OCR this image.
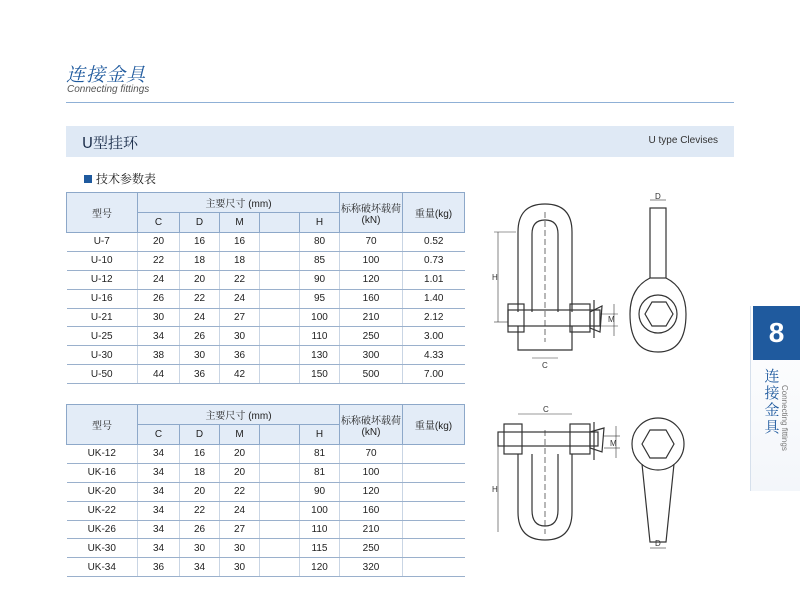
连接金具
Connecting fittings
U型挂环	U type Clevises
技术参数表
型号	主要尺寸 (mm)					标称破坏载荷(kN)	重量(kg)
	C	D	M		H		
U-7	20	16	16		80	70	0.52
U-10	22	18	18		85	100	0.73
U-12	24	20	22		90	120	1.01
U-16	26	22	24		95	160	1.40
U-21	30	24	27		100	210	2.12
U-25	34	26	30		110	250	3.00
U-30	38	30	36		130	300	4.33
U-50	44	36	42		150	500	7.00
型号	主要尺寸 (mm)					标称破坏载荷(kN)	重量(kg)
	C	D	M		H		
UK-12	34	16	20		81	70	
UK-16	34	18	20		81	100	
UK-20	34	20	22		90	120	
UK-22	34	22	24		100	160	
UK-26	34	26	27		110	210	
UK-30	34	30	30		115	250	
UK-34	36	34	30		120	320	
H
M
C
D
H
C
M
D
8
连接金具 Connecting fittings
